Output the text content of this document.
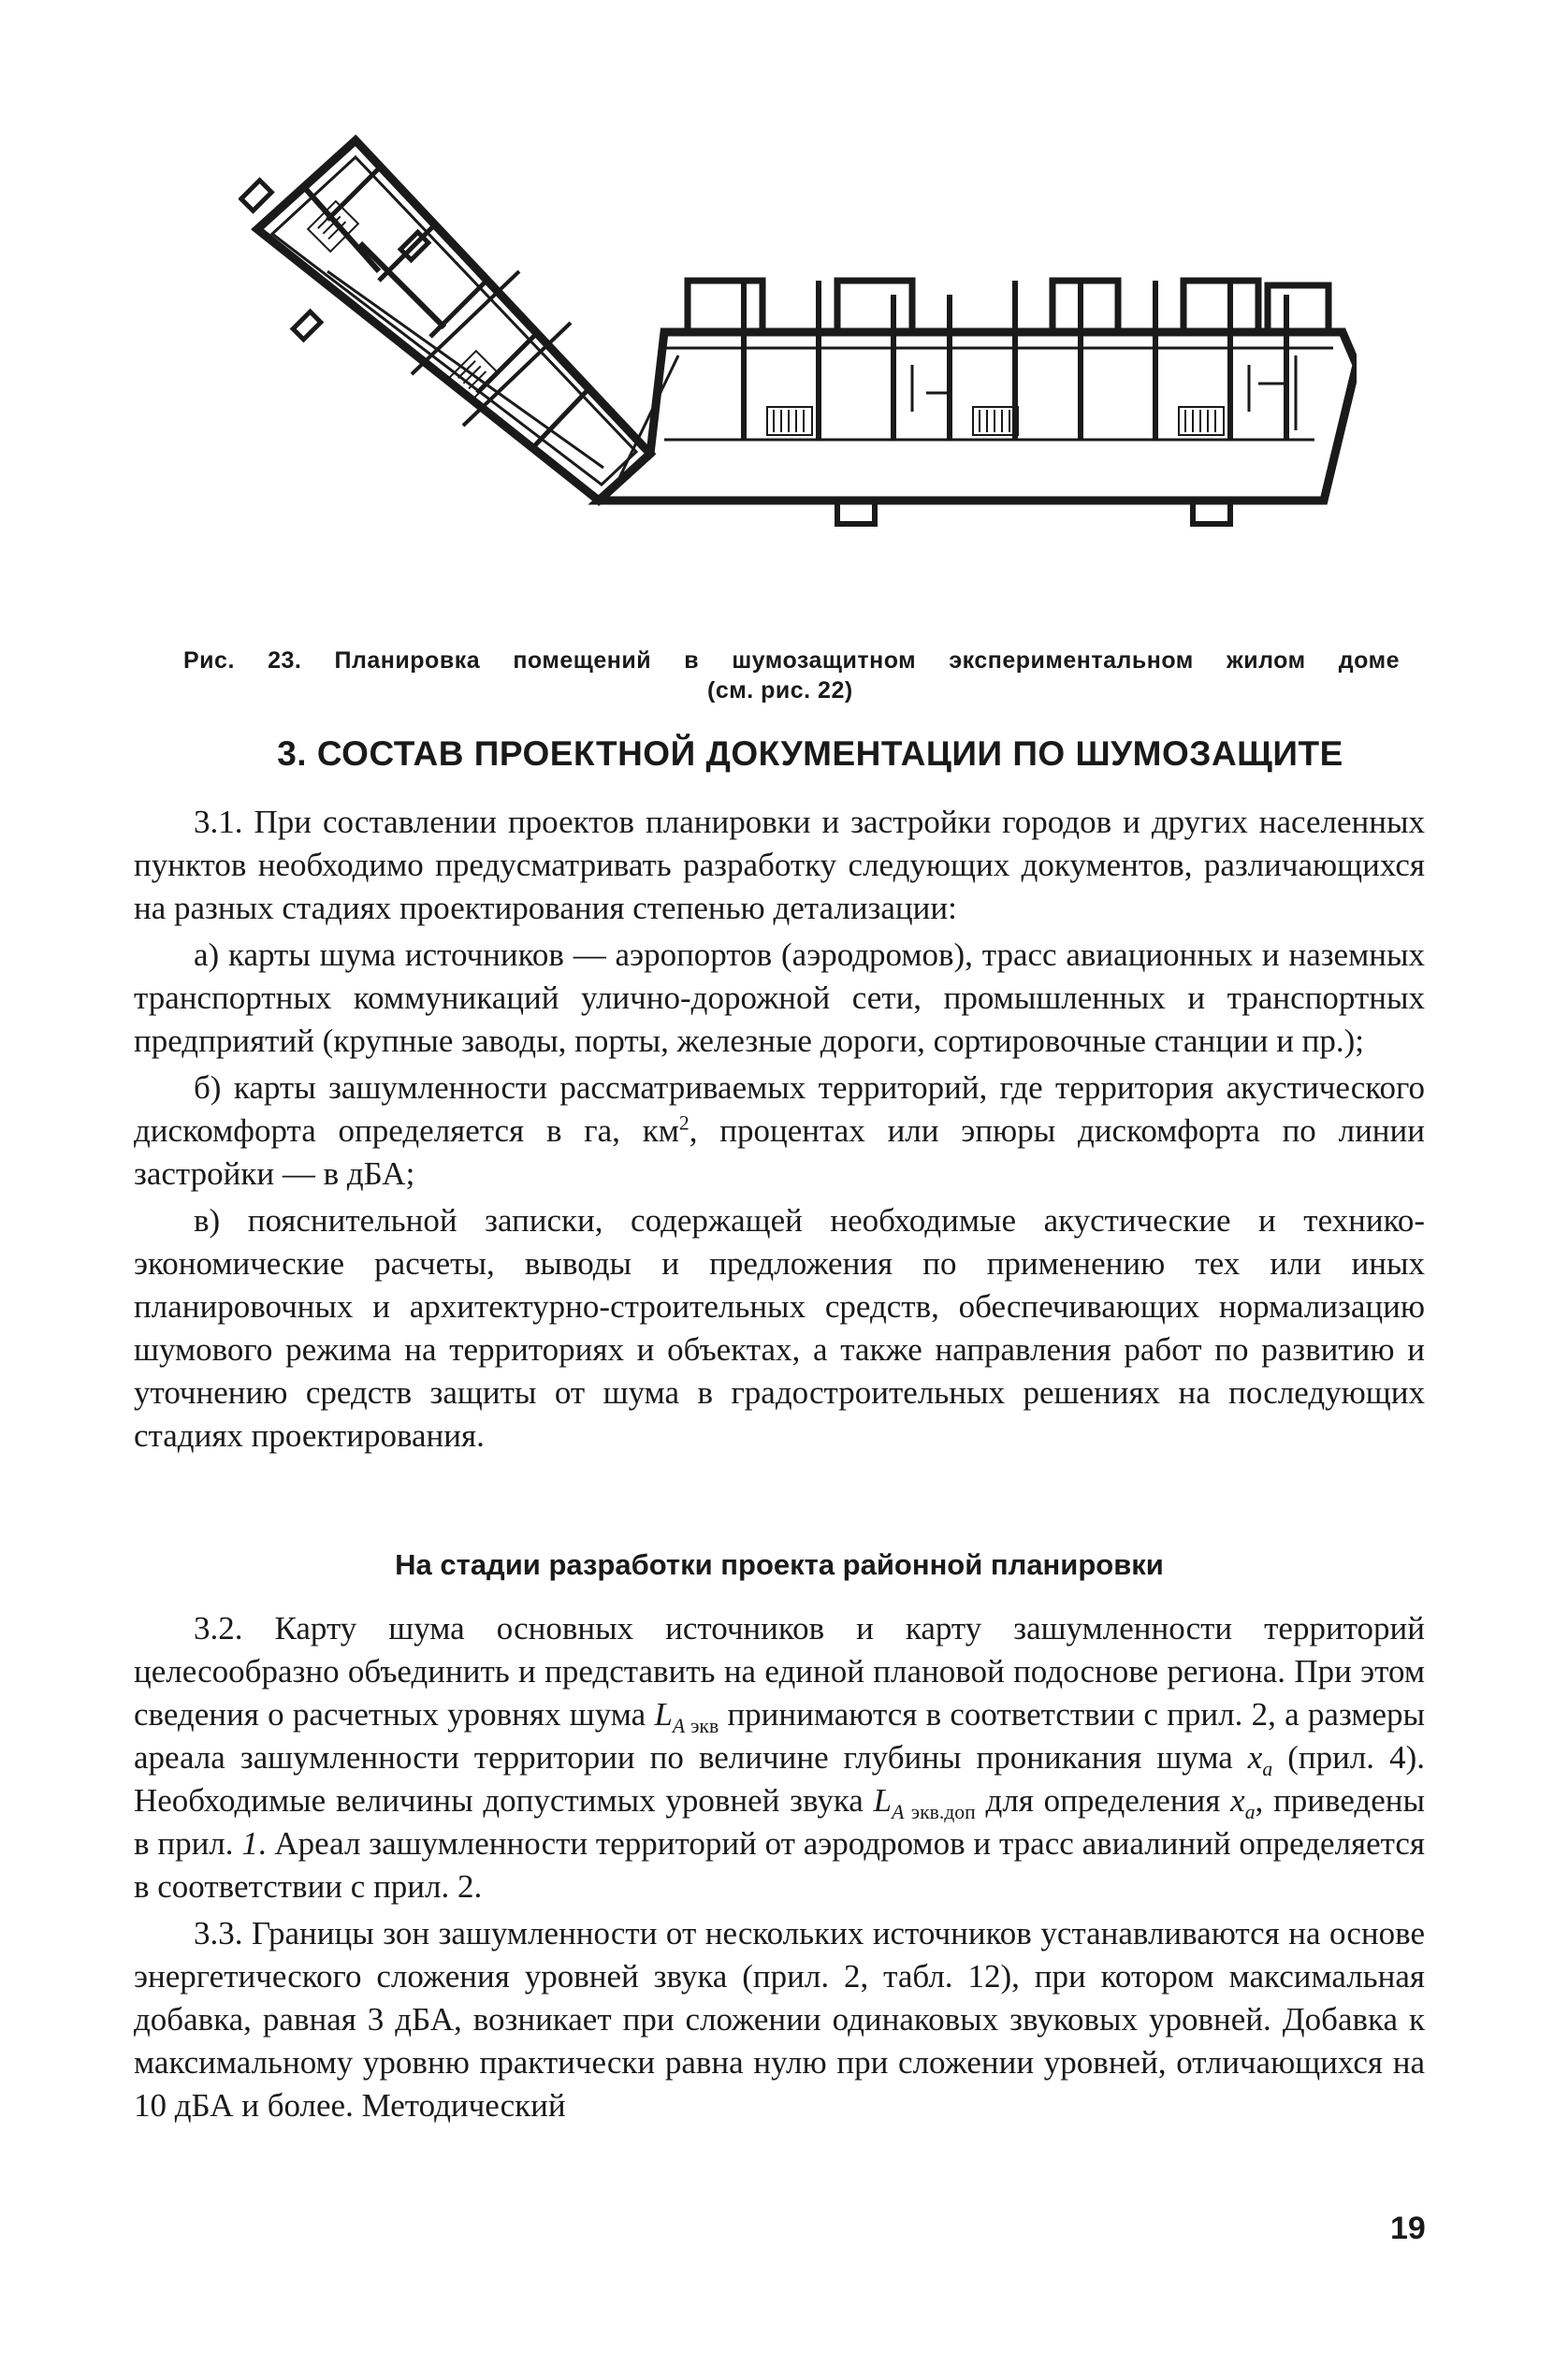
Рис. 23. Планировка помещений в шумозащитном экспериментальном жилом доме
(см. рис. 22)
3. СОСТАВ ПРОЕКТНОЙ ДОКУМЕНТАЦИИ ПО ШУМОЗАЩИТЕ

3.1. При составлении проектов планировки и застройки городов и других населенных пунктов необходимо предусматривать разработку следующих документов, различающихся на разных стадиях проектирования степенью детализации:

а) карты шума источников — аэропортов (аэродромов), трасс авиационных и наземных транспортных коммуникаций улично-дорожной сети, промышленных и транспортных предприятий (крупные заводы, порты, железные дороги, сортировочные станции и пр.);

б) карты зашумленности рассматриваемых территорий, где территория акустического дискомфорта определяется в га, $км^2$, процентах или эпюры дискомфорта по линии застройки — в дБА;

в) пояснительной записки, содержащей необходимые акустические и технико-экономические расчеты, выводы и предложения по применению тех или иных планировочных и архитектурно-строительных средств, обеспечивающих нормализацию шумового режима на территориях и объектах, а также направления работ по развитию и уточнению средств защиты от шума в градостроительных решениях на последующих стадиях проектирования.

На стадии разработки проекта районной планировки

3.2. Карту шума основных источников и карту зашумленности территорий целесообразно объединить и представить на единой плановой подоснове региона. При этом сведения о расчетных уровнях шума $L_{A экв}$ принимаются в соответствии с прил. 2, а размеры ареала зашумленности территории по величине глубины проникания шума $x_a$ (прил. 4). Необходимые величины допустимых уровней звука $L_{A экв.доп}$ для определения $x_a$, приведены в прил. 1. Ареал зашумленности территорий от аэродромов и трасс авиалиний определяется в соответствии с прил. 2.

3.3. Границы зон зашумленности от нескольких источников устанавливаются на основе энергетического сложения уровней звука (прил. 2, табл. 12), при котором максимальная добавка, равная 3 дБА, возникает при сложении одинаковых звуковых уровней. Добавка к максимальному уровню практически равна нулю при сложении уровней, отличающихся на 10 дБА и более. Методический

19
